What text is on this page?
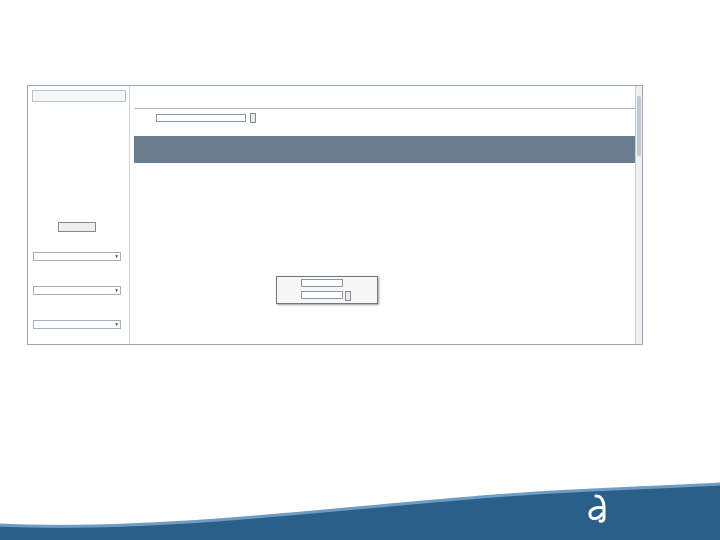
▾
▾
▾
